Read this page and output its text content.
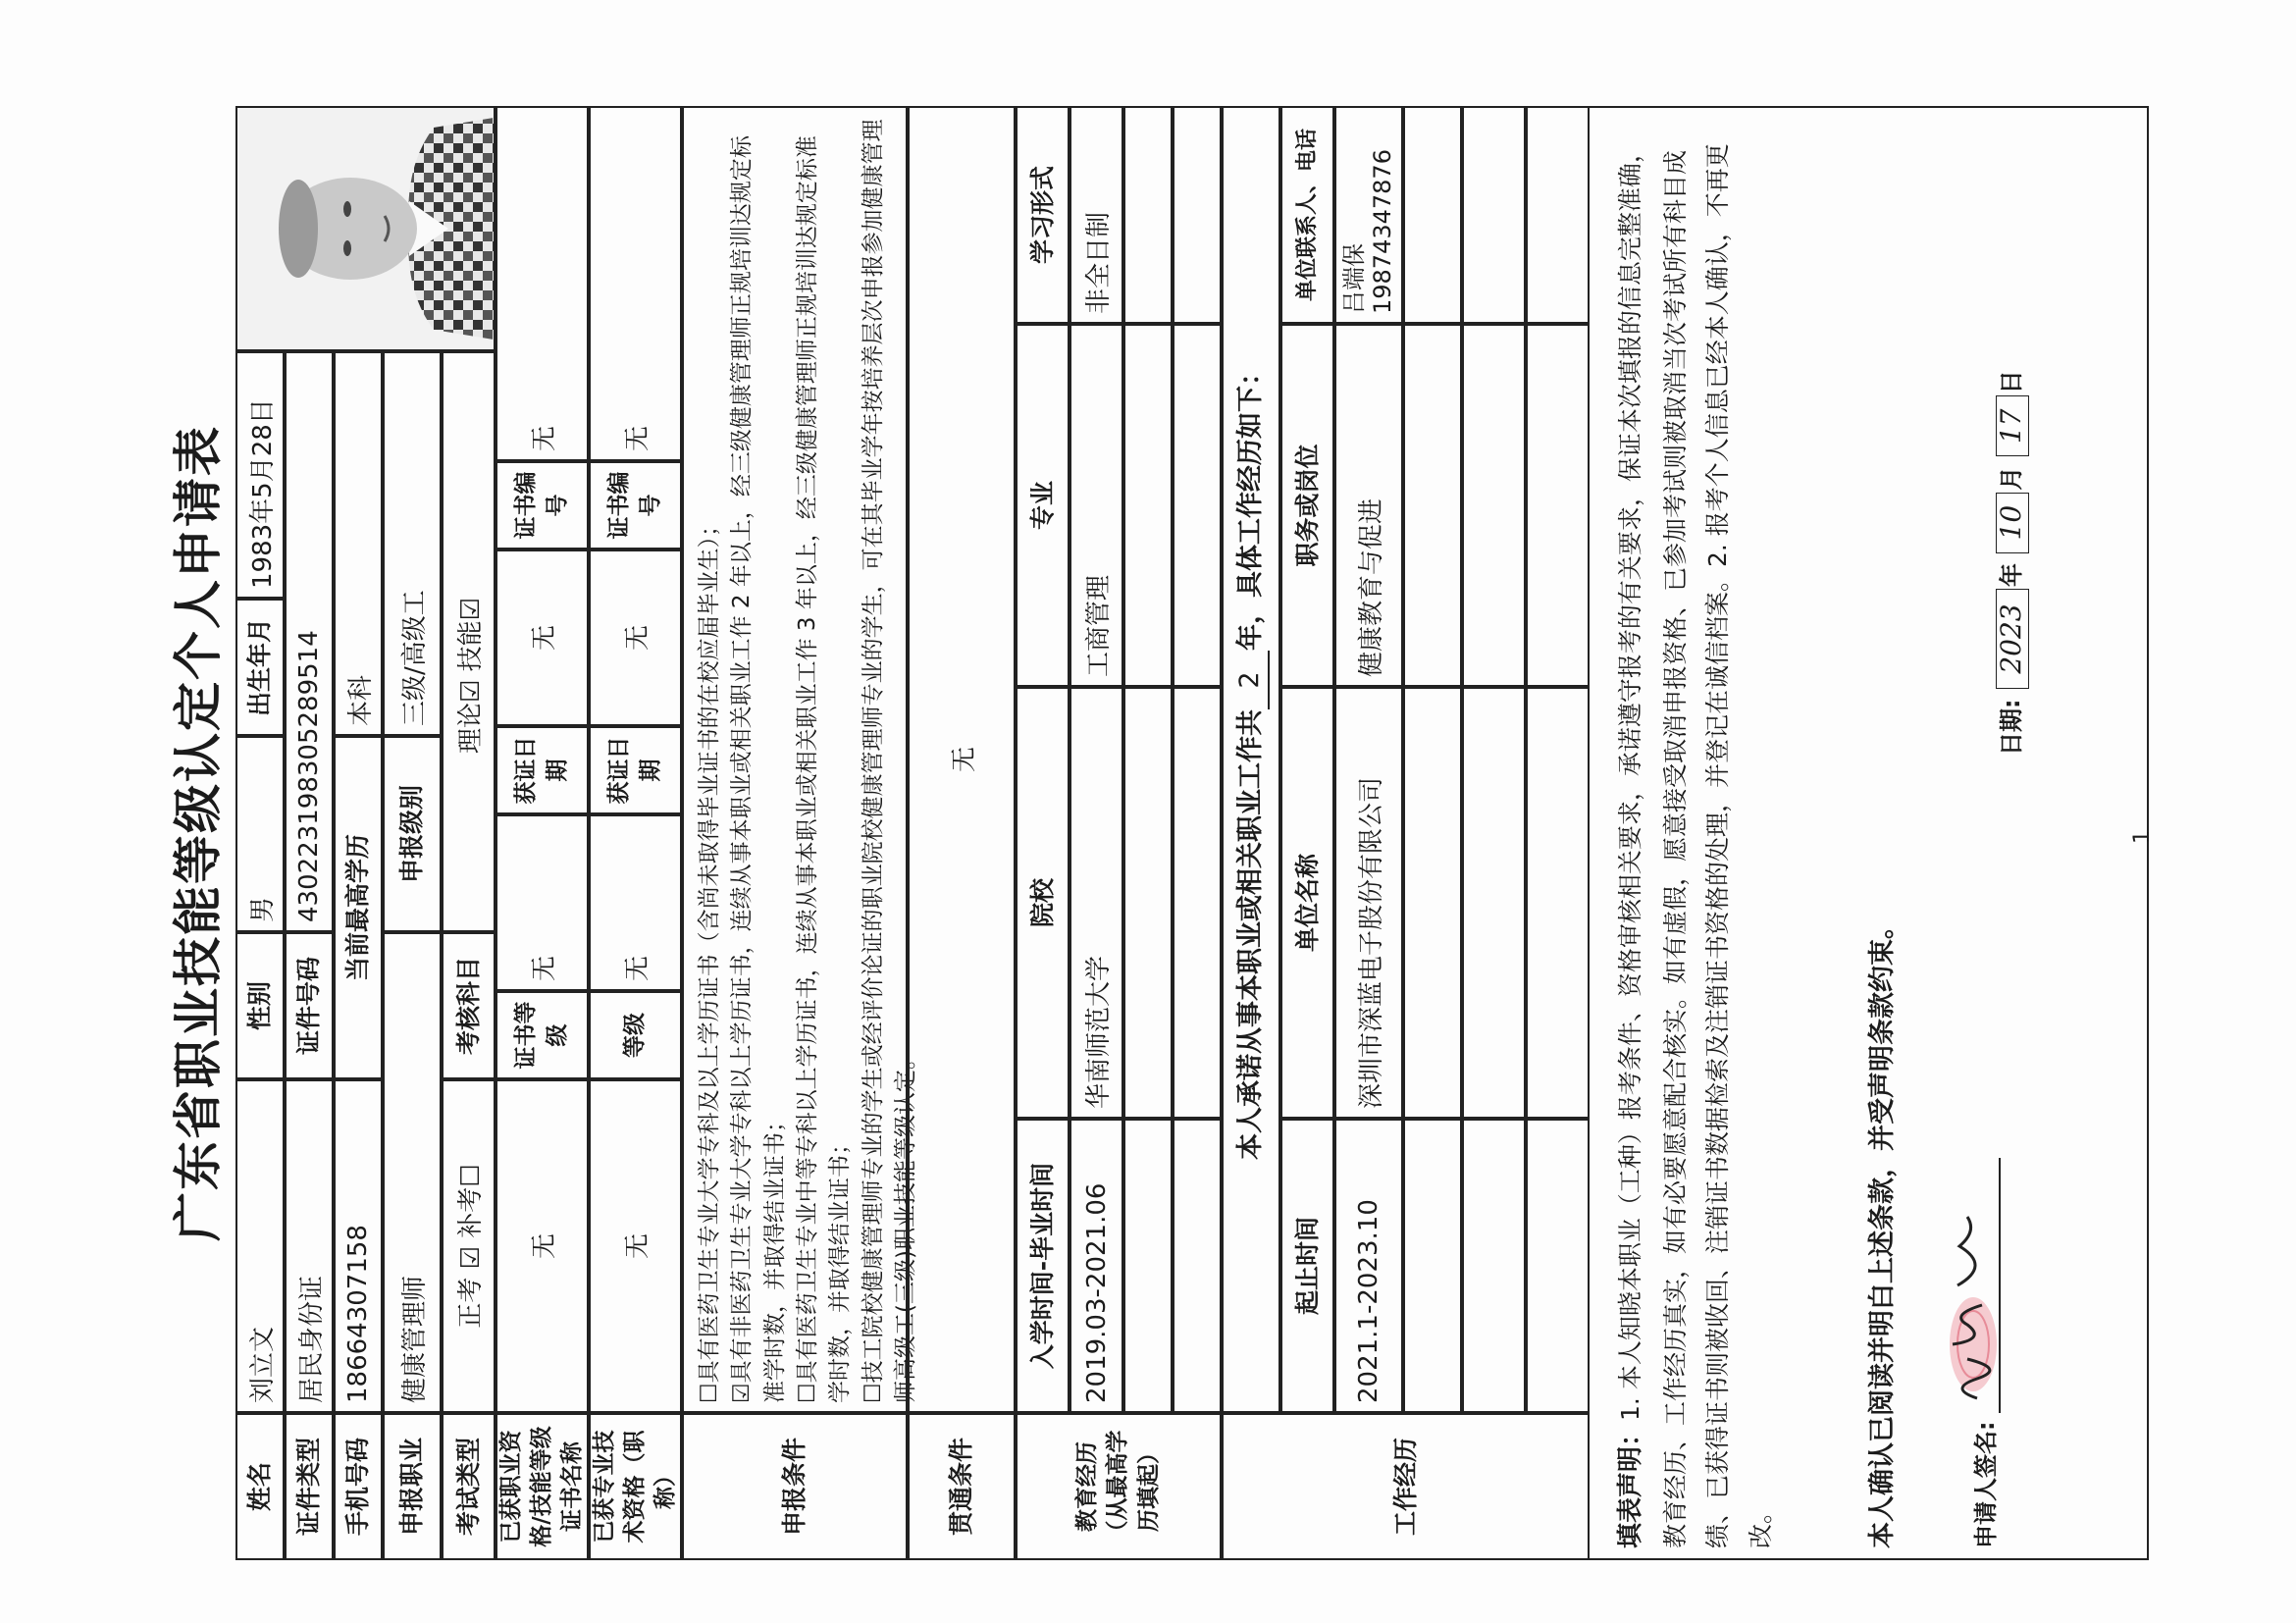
广东省职业技能等级认定个人申请表
姓名
刘立文
性别
男
出生年月
1983年5月28日
证件类型
居民身份证
证件号码
430223198305289514
手机号码
18664307158
当前最高学历
本科
申报职业
健康管理师
申报级别
三级/高级工
考试类型
正考 ☑ 补考☐
考核科目
理论☑ 技能☑
已获职业资格/技能等级证书名称
无
证书等级
无
获证日期
无
证书编号
无
已获专业技术资格（职称）
无
等级
无
获证日期
无
证书编号
无
申报条件
☐具有医药卫生专业大学专科及以上学历证书（含尚未取得毕业证书的在校应届毕业生）； ☑具有非医药卫生专业大学专科以上学历证书，连续从事本职业或相关职业工作 2 年以上，经三级健康管理师正规培训达规定标准学时数，并取得结业证书； ☐具有医药卫生专业中等专科以上学历证书，连续从事本职业或相关职业工作 3 年以上，经三级健康管理师正规培训达规定标准学时数，并取得结业证书； ☐技工院校健康管理师专业的学生或经评价论证的职业院校健康管理师专业的学生，可在其毕业学年按培养层次申报参加健康管理师高级工(三级)职业技能等级认定。
贯通条件
无
教育经历（从最高学历填起）
入学时间-毕业时间
院校
专业
学习形式
2019.03-2021.06
华南师范大学
工商管理
非全日制
工作经历
本人承诺从事本职业或相关职业工作共
2
年，具体工作经历如下：
起止时间
单位名称
职务或岗位
单位联系人、电话
2021.1-2023.10
深圳市深蓝电子股份有限公司
健康教育与促进
吕端保 19874347876
填表声明：1. 本人知晓本职业（工种）报考条件、资格审核相关要求，承诺遵守报考的有关要求，保证本次填报的信息完整准确，教育经历、工作经历真实，如有必要愿意配合核实。如有虚假，愿意接受取消申报资格、已参加考试则被取消当次考试所有科目成绩、已获得证书则被收回、注销证书数据检索及注销证书资格的处理，并登记在诚信档案。2. 报考个人信息已经本人确认，不再更改。	本人确认已阅读并明白上述条款，并受声明条款约束。	申请人签名:
日期: 2023年 10月 17日
1
